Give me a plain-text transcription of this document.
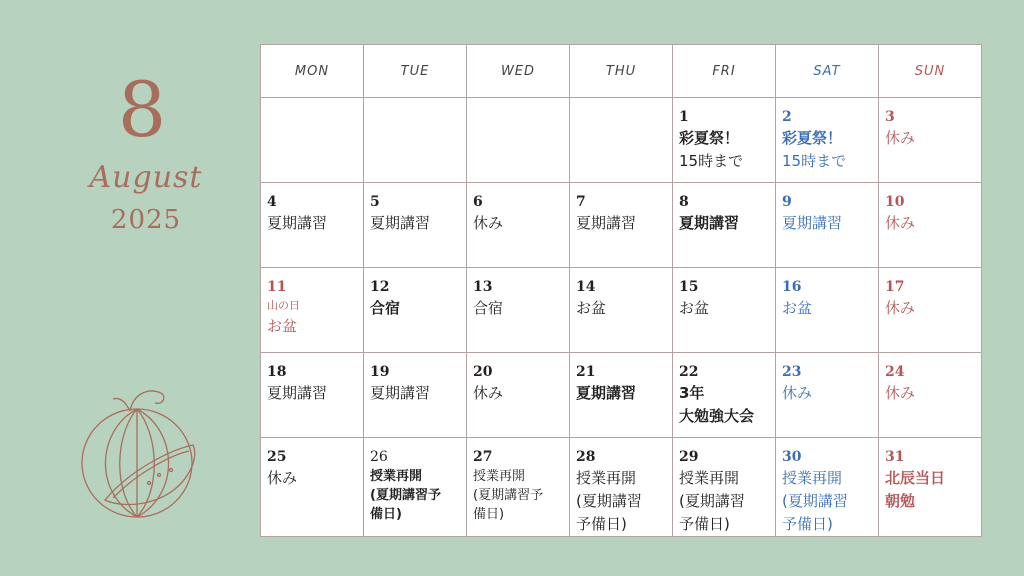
8
August
2025
MON	TUE	WED	THU	FRI	SAT	SUN

				1
彩夏祭！
15時まで	2
彩夏祭！
15時まで	3
休み

4
夏期講習	5
夏期講習	6
休み	7
夏期講習	8
夏期講習	9
夏期講習	10
休み

11
山の日
お盆	12
合宿	13
合宿	14
お盆	15
お盆	16
お盆	17
休み

18
夏期講習	19
夏期講習	20
休み	21
夏期講習	22
3年
大勉強大会	23
休み	24
休み

25
休み	26
授業再開
(夏期講習予
備日)	27
授業再開
(夏期講習予
備日)	28
授業再開
(夏期講習
予備日)	29
授業再開
(夏期講習
予備日)	30
授業再開
(夏期講習
予備日)	31
北辰当日
朝勉
